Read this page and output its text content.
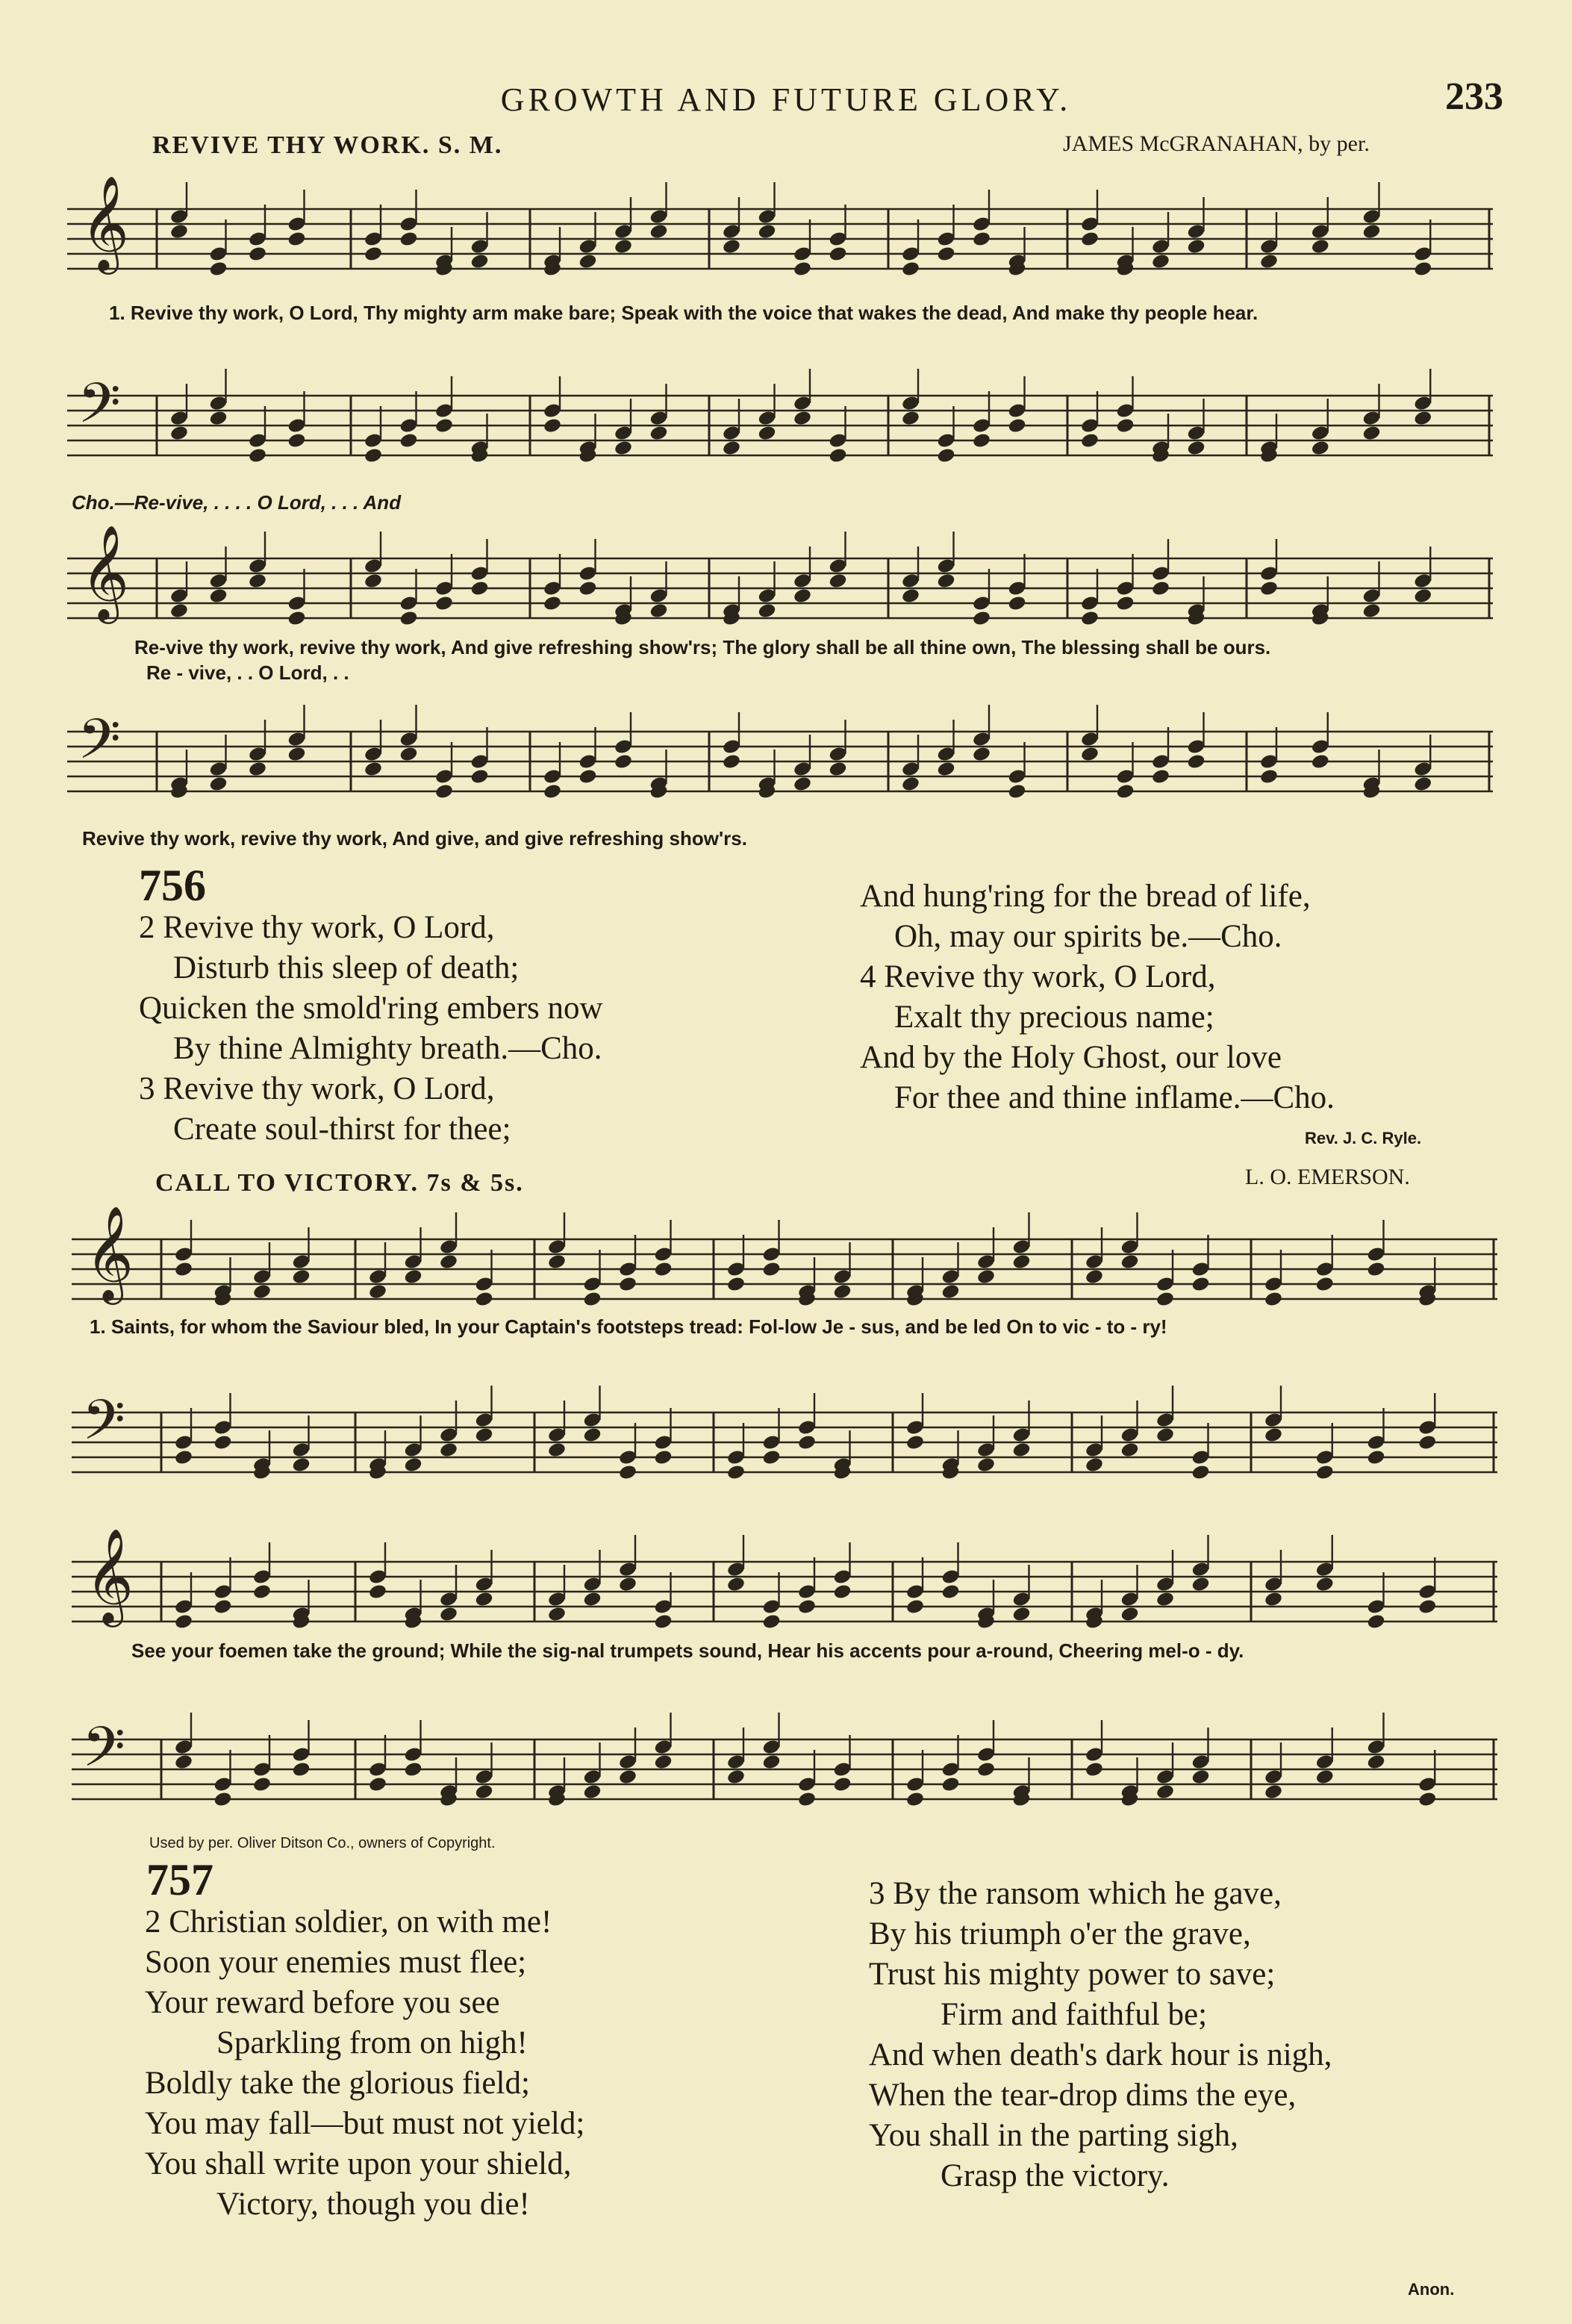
GROWTH AND FUTURE GLORY.	233
REVIVE THY WORK. S. M.	JAMES McGRANAHAN, by per.
𝄞
1. Revive thy work, O Lord, Thy mighty arm make bare; Speak with the voice that wakes the dead, And make thy people hear.
𝄢
Cho.—Re-vive, . . . . O Lord, . . . And
𝄞
Re-vive thy work, revive thy work, And give refreshing show'rs; The glory shall be all thine own, The blessing shall be ours.
Re - vive, . . O Lord, . .
𝄢
Revive thy work, revive thy work, And give, and give refreshing show'rs.
756
2 Revive thy work, O Lord,
Disturb this sleep of death;
Quicken the smold'ring embers now
By thine Almighty breath.—Cho.
3 Revive thy work, O Lord,
Create soul-thirst for thee;
And hung'ring for the bread of life,
Oh, may our spirits be.—Cho.
4 Revive thy work, O Lord,
Exalt thy precious name;
And by the Holy Ghost, our love
For thee and thine inflame.—Cho.
Rev. J. C. Ryle.
CALL TO VICTORY. 7s & 5s.	L. O. EMERSON.
𝄞
1. Saints, for whom the Saviour bled, In your Captain's footsteps tread: Fol-low Je - sus, and be led On to vic - to - ry!
𝄢
𝄞
See your foemen take the ground; While the sig-nal trumpets sound, Hear his accents pour a-round, Cheering mel-o - dy.
𝄢
Used by per. Oliver Ditson Co., owners of Copyright.
757
2 Christian soldier, on with me!
Soon your enemies must flee;
Your reward before you see
Sparkling from on high!
Boldly take the glorious field;
You may fall—but must not yield;
You shall write upon your shield,
Victory, though you die!
3 By the ransom which he gave,
By his triumph o'er the grave,
Trust his mighty power to save;
Firm and faithful be;
And when death's dark hour is nigh,
When the tear-drop dims the eye,
You shall in the parting sigh,
Grasp the victory.
Anon.
